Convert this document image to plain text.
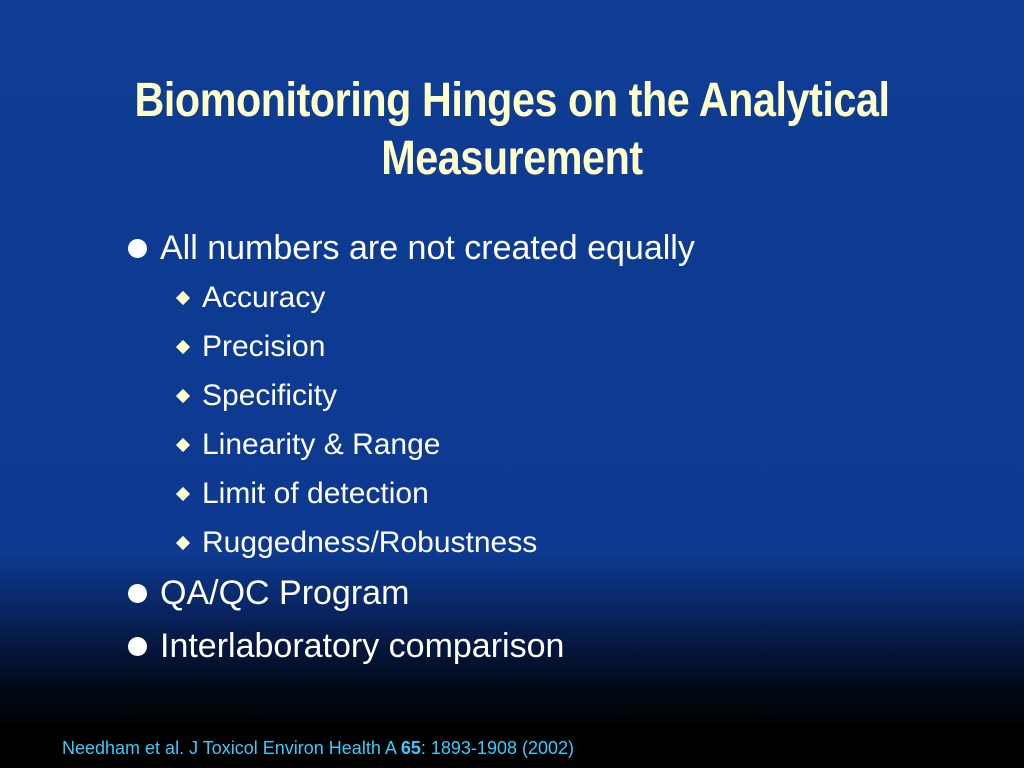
Biomonitoring Hinges on the Analytical
Measurement
All numbers are not created equally
Accuracy
Precision
Specificity
Linearity & Range
Limit of detection
Ruggedness/Robustness
QA/QC Program
Interlaboratory comparison
Needham et al. J Toxicol Environ Health A 65: 1893-1908 (2002)
